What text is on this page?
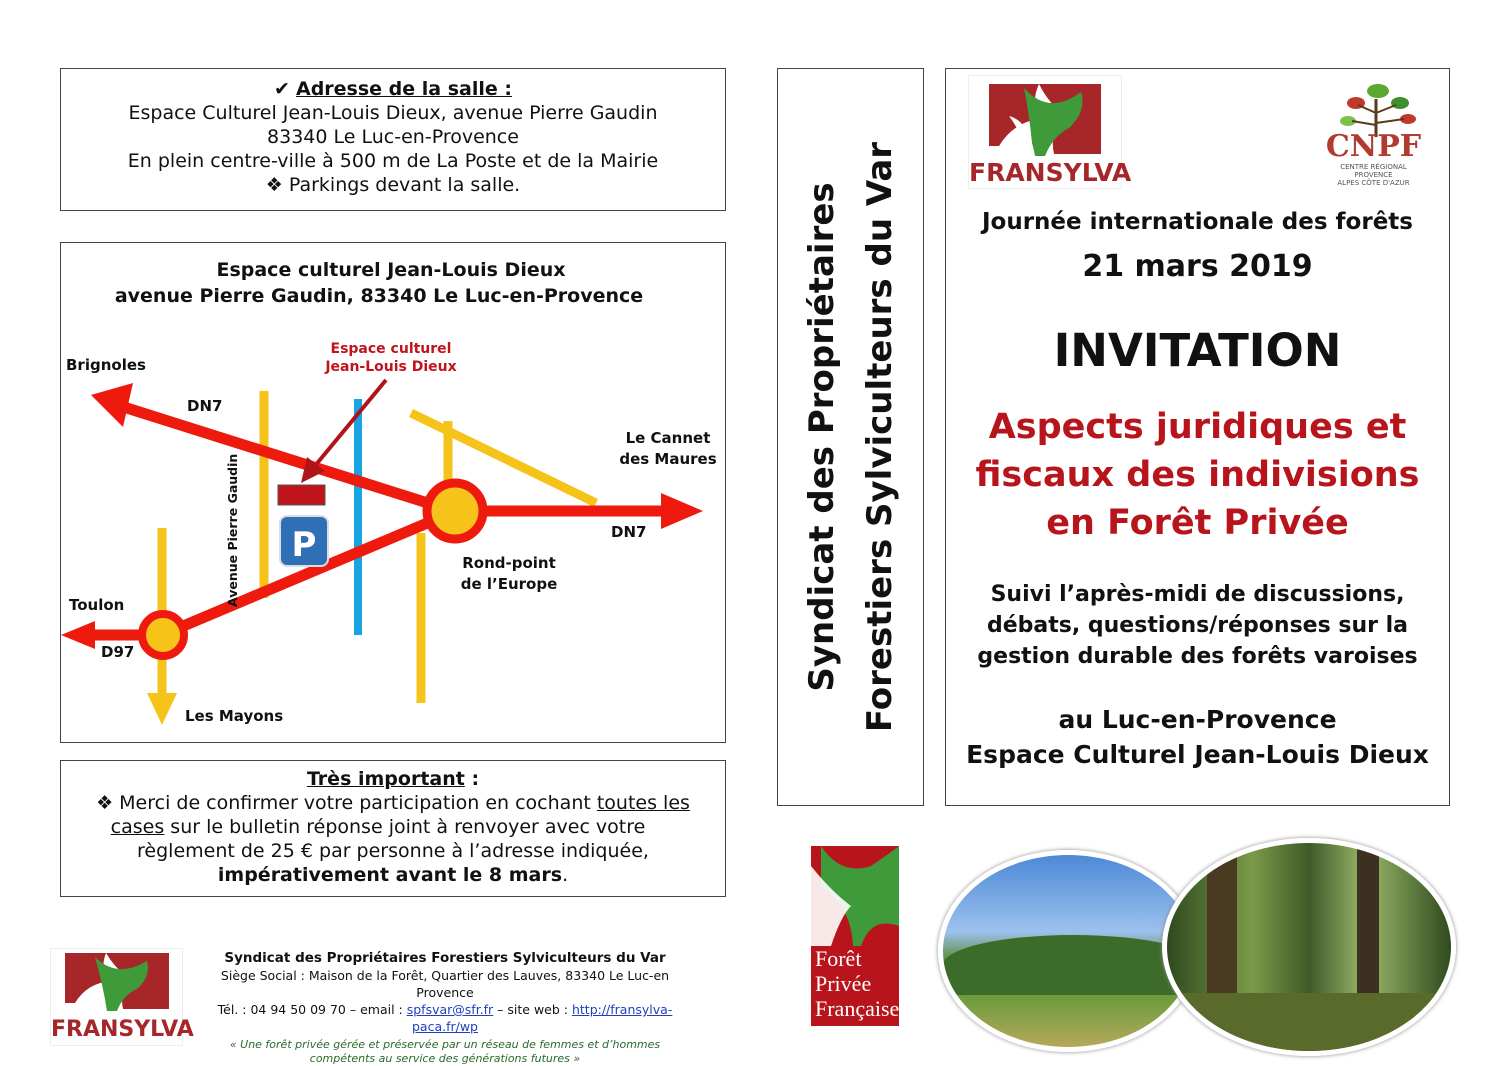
✔ Adresse de la salle :
Espace Culturel Jean-Louis Dieux, avenue Pierre Gaudin
83340 Le Luc-en-Provence
En plein centre-ville à 500 m de La Poste et de la Mairie
❖ Parkings devant la salle.
Espace culturel Jean-Louis Dieux
avenue Pierre Gaudin, 83340 Le Luc-en-Provence
P
Brignoles
DN7
Espace culturel
Jean-Louis Dieux
Le Cannet
des Maures
DN7
Rond-point
de l’Europe
Toulon
D97
Les Mayons
Avenue Pierre Gaudin
Très important :
❖ Merci de confirmer votre participation en cochant toutes les
cases sur le bulletin réponse joint à renvoyer avec votre
règlement de 25 € par personne à l’adresse indiquée,
impérativement avant le 8 mars.
Syndicat des Propriétaires Forestiers Sylviculteurs du Var	FRANSYLVA
CNPF
CENTRE RÉGIONAL
PROVENCE
ALPES CÔTE D'AZUR
Journée internationale des forêts
21 mars 2019
INVITATION
Aspects juridiques et
fiscaux des indivisions
en Forêt Privée
Suivi l’après-midi de discussions,
débats, questions/réponses sur la
gestion durable des forêts varoises
au Luc-en-Provence
Espace Culturel Jean-Louis Dieux
Forêt
Privée
Française
FRANSYLVA
Syndicat des Propriétaires Forestiers Sylviculteurs du Var
Siège Social : Maison de la Forêt, Quartier des Lauves, 83340 Le Luc-en Provence
Tél. : 04 94 50 09 70 – email : spfsvar@sfr.fr – site web : http://fransylva-paca.fr/wp
« Une forêt privée gérée et préservée par un réseau de femmes et d’hommes
compétents au service des générations futures »
